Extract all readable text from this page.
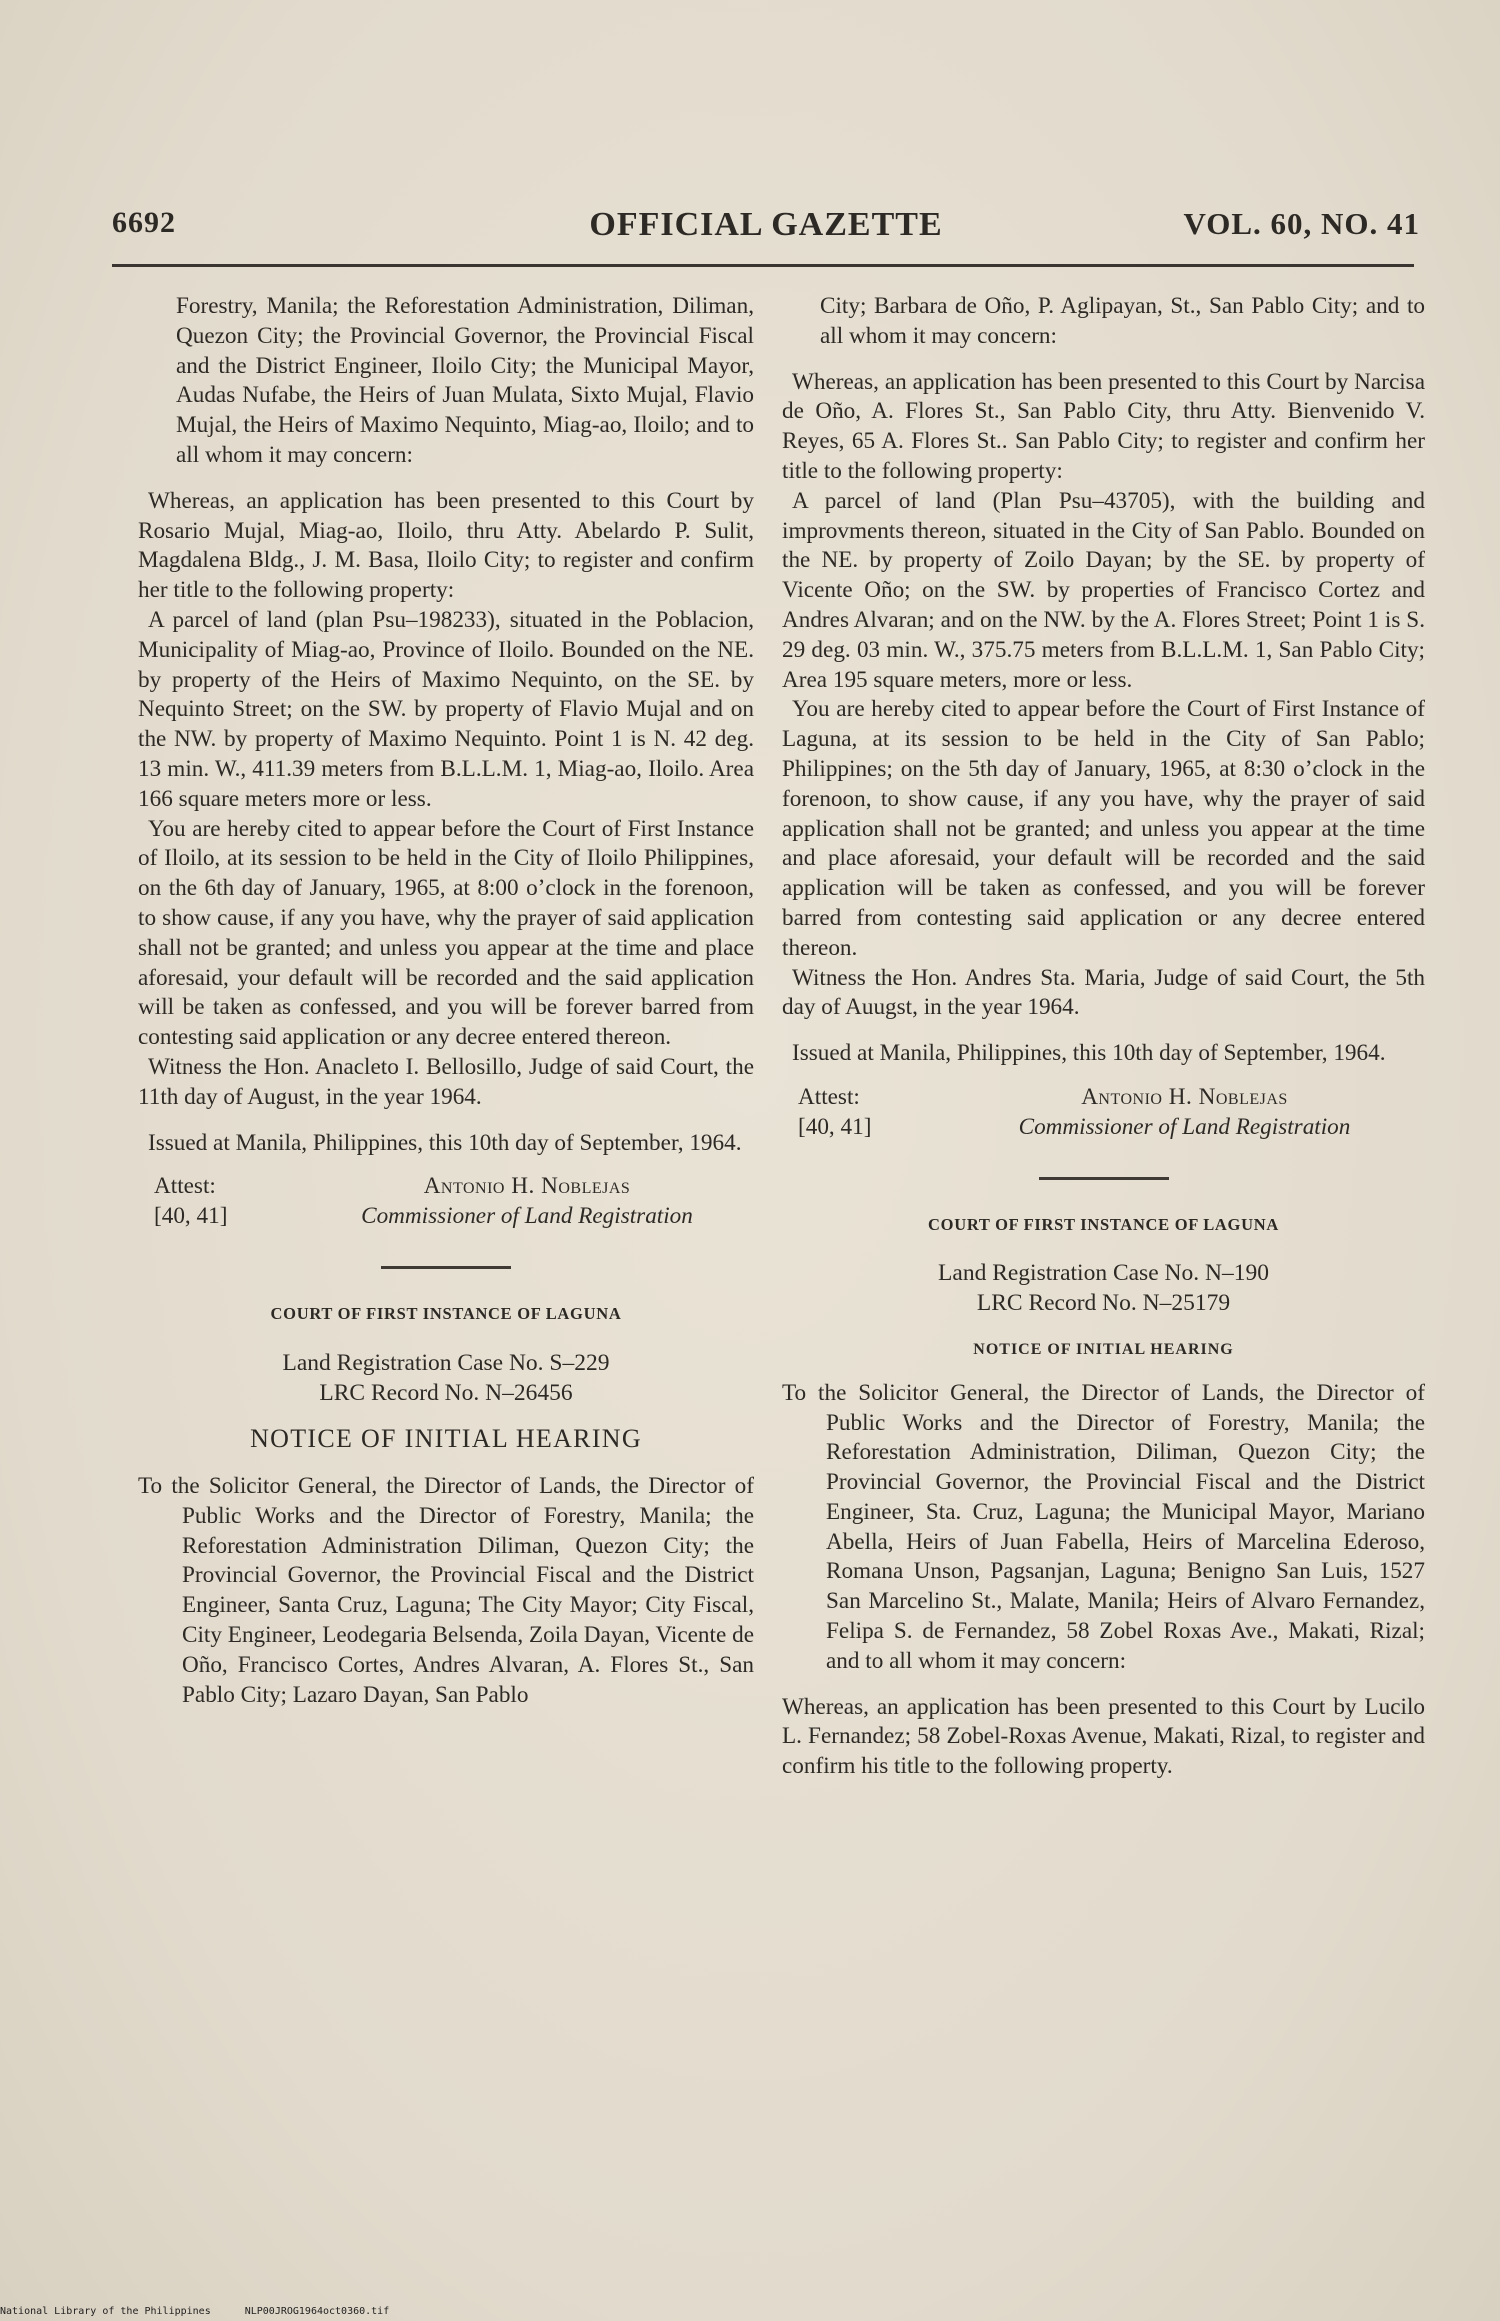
6692	OFFICIAL GAZETTE	VOL. 60, NO. 41

Forestry, Manila; the Reforestation Administration, Diliman, Quezon City; the Provincial Governor, the Provincial Fiscal and the District Engineer, Iloilo City; the Municipal Mayor, Audas Nufabe, the Heirs of Juan Mulata, Sixto Mujal, Flavio Mujal, the Heirs of Maximo Nequinto, Miag-ao, Iloilo; and to all whom it may concern:

Whereas, an application has been presented to this Court by Rosario Mujal, Miag-ao, Iloilo, thru Atty. Abelardo P. Sulit, Magdalena Bldg., J. M. Basa, Iloilo City; to register and confirm her title to the following property:

A parcel of land (plan Psu–198233), situated in the Poblacion, Municipality of Miag-ao, Province of Iloilo. Bounded on the NE. by property of the Heirs of Maximo Nequinto, on the SE. by Nequinto Street; on the SW. by property of Flavio Mujal and on the NW. by property of Maximo Nequinto. Point 1 is N. 42 deg. 13 min. W., 411.39 meters from B.L.L.M. 1, Miag-ao, Iloilo. Area 166 square meters more or less.

You are hereby cited to appear before the Court of First Instance of Iloilo, at its session to be held in the City of Iloilo Philippines, on the 6th day of January, 1965, at 8:00 o’clock in the forenoon, to show cause, if any you have, why the prayer of said application shall not be granted; and unless you appear at the time and place aforesaid, your default will be recorded and the said application will be taken as confessed, and you will be forever barred from contesting said application or any decree entered thereon.

Witness the Hon. Anacleto I. Bellosillo, Judge of said Court, the 11th day of August, in the year 1964.

Issued at Manila, Philippines, this 10th day of September, 1964.

Attest:
[40, 41]
Antonio H. Noblejas
Commissioner of Land Registration

COURT OF FIRST INSTANCE OF LAGUNA

Land Registration Case No. S–229

LRC Record No. N–26456

NOTICE OF INITIAL HEARING

To the Solicitor General, the Director of Lands, the Director of Public Works and the Director of Forestry, Manila; the Reforestation Administration Diliman, Quezon City; the Provincial Governor, the Provincial Fiscal and the District Engineer, Santa Cruz, Laguna; The City Mayor; City Fiscal, City Engineer, Leodegaria Belsenda, Zoila Dayan, Vicente de Oño, Francisco Cortes, Andres Alvaran, A. Flores St., San Pablo City; Lazaro Dayan, San Pablo

City; Barbara de Oño, P. Aglipayan, St., San Pablo City; and to all whom it may concern:

Whereas, an application has been presented to this Court by Narcisa de Oño, A. Flores St., San Pablo City, thru Atty. Bienvenido V. Reyes, 65 A. Flores St.. San Pablo City; to register and confirm her title to the following property:

A parcel of land (Plan Psu–43705), with the building and improvments thereon, situated in the City of San Pablo. Bounded on the NE. by property of Zoilo Dayan; by the SE. by property of Vicente Oño; on the SW. by properties of Francisco Cortez and Andres Alvaran; and on the NW. by the A. Flores Street; Point 1 is S. 29 deg. 03 min. W., 375.75 meters from B.L.L.M. 1, San Pablo City; Area 195 square meters, more or less.

You are hereby cited to appear before the Court of First Instance of Laguna, at its session to be held in the City of San Pablo; Philippines; on the 5th day of January, 1965, at 8:30 o’clock in the forenoon, to show cause, if any you have, why the prayer of said application shall not be granted; and unless you appear at the time and place aforesaid, your default will be recorded and the said application will be taken as confessed, and you will be forever barred from contesting said application or any decree entered thereon.

Witness the Hon. Andres Sta. Maria, Judge of said Court, the 5th day of Auugst, in the year 1964.

Issued at Manila, Philippines, this 10th day of September, 1964.

Attest:
[40, 41]
Antonio H. Noblejas
Commissioner of Land Registration

COURT OF FIRST INSTANCE OF LAGUNA

Land Registration Case No. N–190

LRC Record No. N–25179

NOTICE OF INITIAL HEARING

To the Solicitor General, the Director of Lands, the Director of Public Works and the Director of Forestry, Manila; the Reforestation Administration, Diliman, Quezon City; the Provincial Governor, the Provincial Fiscal and the District Engineer, Sta. Cruz, Laguna; the Municipal Mayor, Mariano Abella, Heirs of Juan Fabella, Heirs of Marcelina Ederoso, Romana Unson, Pagsanjan, Laguna; Benigno San Luis, 1527 San Marcelino St., Malate, Manila; Heirs of Alvaro Fernandez, Felipa S. de Fernandez, 58 Zobel Roxas Ave., Makati, Rizal; and to all whom it may concern:

Whereas, an application has been presented to this Court by Lucilo L. Fernandez; 58 Zobel-Roxas Avenue, Makati, Rizal, to register and confirm his title to the following property.

National Library of the Philippines	NLP00JROG1964oct0360.tif
